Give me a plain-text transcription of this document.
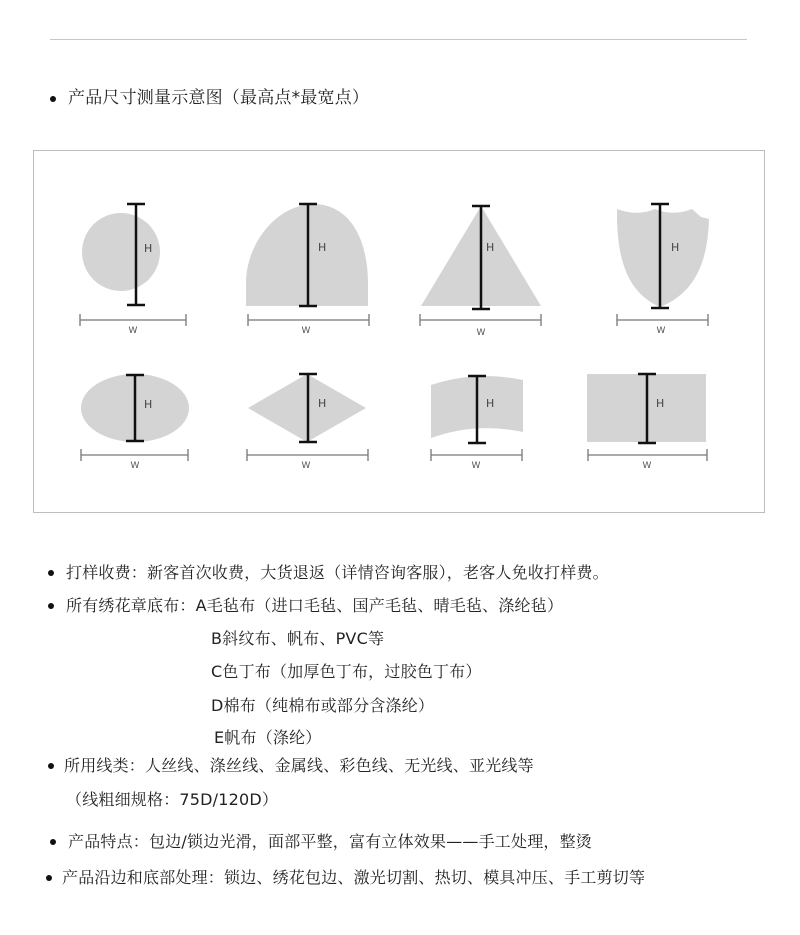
产品尺寸测量示意图（最高点*最宽点）
H	H	H	H
H	H	H	H
W	W	W	W
W	W	W	W
打样收费：新客首次收费，大货退返（详情咨询客服），老客人免收打样费。
所有绣花章底布：A毛毡布（进口毛毡、国产毛毡、晴毛毡、涤纶毡）
B斜纹布、帆布、PVC等
C色丁布（加厚色丁布，过胶色丁布）
D棉布（纯棉布或部分含涤纶）
E帆布（涤纶）
所用线类：人丝线、涤丝线、金属线、彩色线、无光线、亚光线等
（线粗细规格：75D/120D）
产品特点：包边/锁边光滑，面部平整，富有立体效果——手工处理，整烫
产品沿边和底部处理：锁边、绣花包边、激光切割、热切、模具冲压、手工剪切等
